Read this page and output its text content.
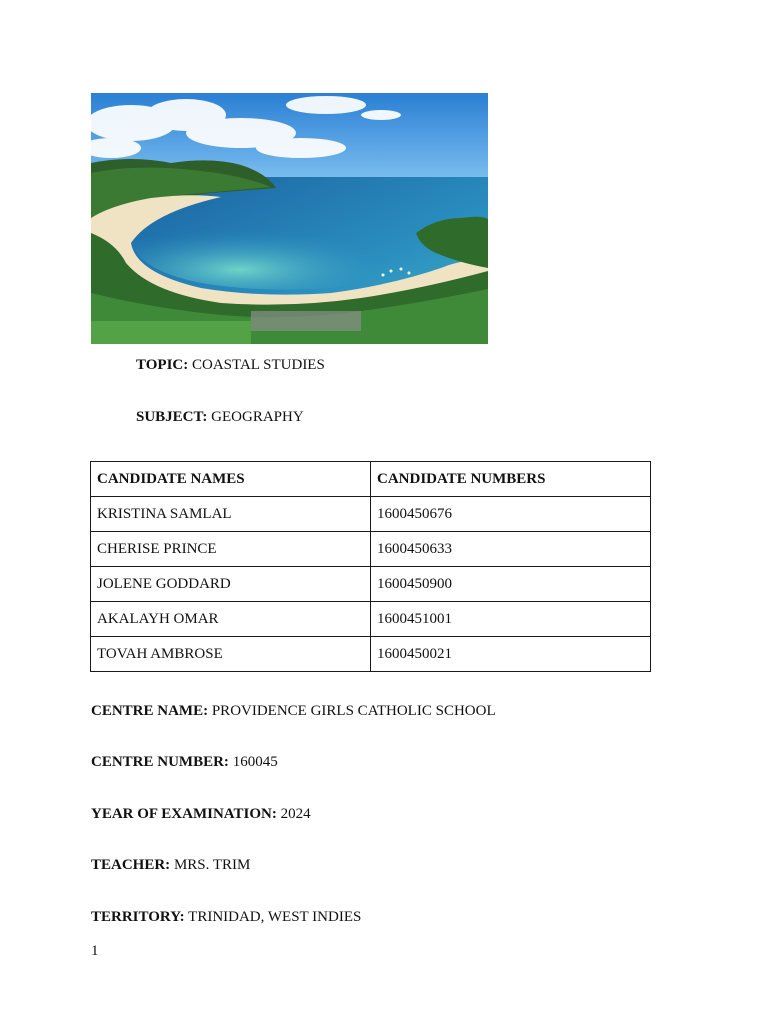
TOPIC: COASTAL STUDIES
SUBJECT: GEOGRAPHY
CANDIDATE NAMES	CANDIDATE NUMBERS
KRISTINA SAMLAL	1600450676
CHERISE PRINCE	1600450633
JOLENE GODDARD	1600450900
AKALAYH OMAR	1600451001
TOVAH AMBROSE	1600450021
CENTRE NAME: PROVIDENCE GIRLS CATHOLIC SCHOOL
CENTRE NUMBER: 160045
YEAR OF EXAMINATION: 2024
TEACHER: MRS. TRIM
TERRITORY: TRINIDAD, WEST INDIES
1
